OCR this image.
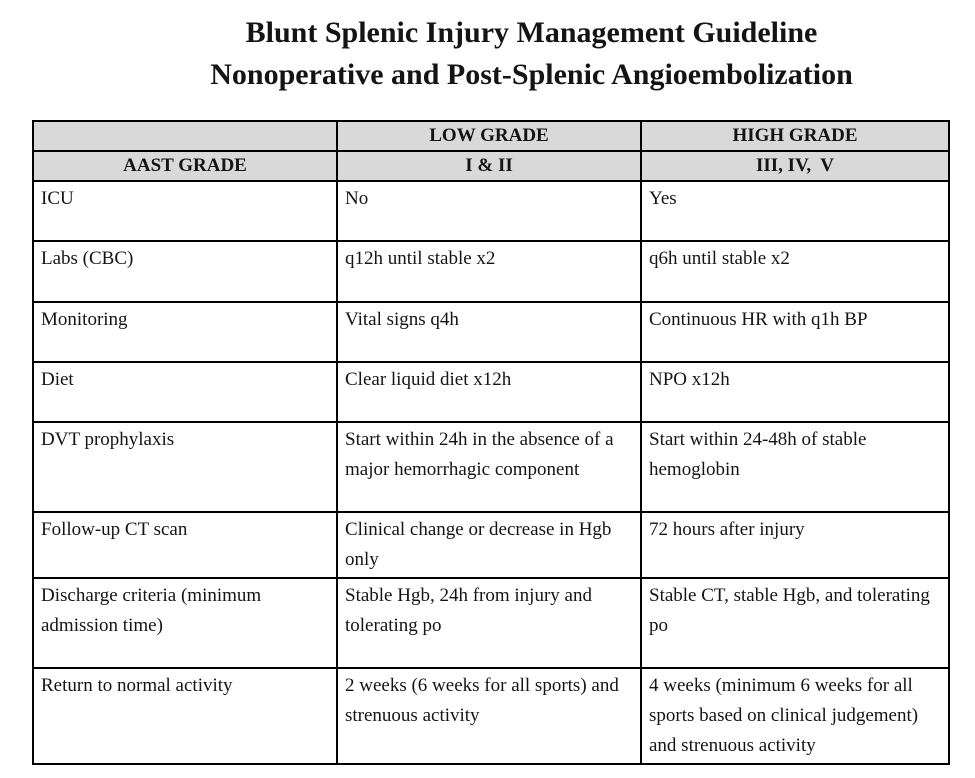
Blunt Splenic Injury Management Guideline
Nonoperative and Post-Splenic Angioembolization
	LOW GRADE	HIGH GRADE
AAST GRADE	I & II	III, IV,  V
ICU	No	Yes
Labs (CBC)	q12h until stable x2	q6h until stable x2
Monitoring	Vital signs q4h	Continuous HR with q1h BP
Diet	Clear liquid diet x12h	NPO x12h
DVT prophylaxis	Start within 24h in the absence of a major hemorrhagic component	Start within 24-48h of stable hemoglobin
Follow-up CT scan	Clinical change or decrease in Hgb only	72 hours after injury
Discharge criteria (minimum admission time)	Stable Hgb, 24h from injury and tolerating po	Stable CT, stable Hgb, and tolerating po
Return to normal activity	2 weeks (6 weeks for all sports) and strenuous activity	4 weeks (minimum 6 weeks for all sports based on clinical judgement) and strenuous activity
